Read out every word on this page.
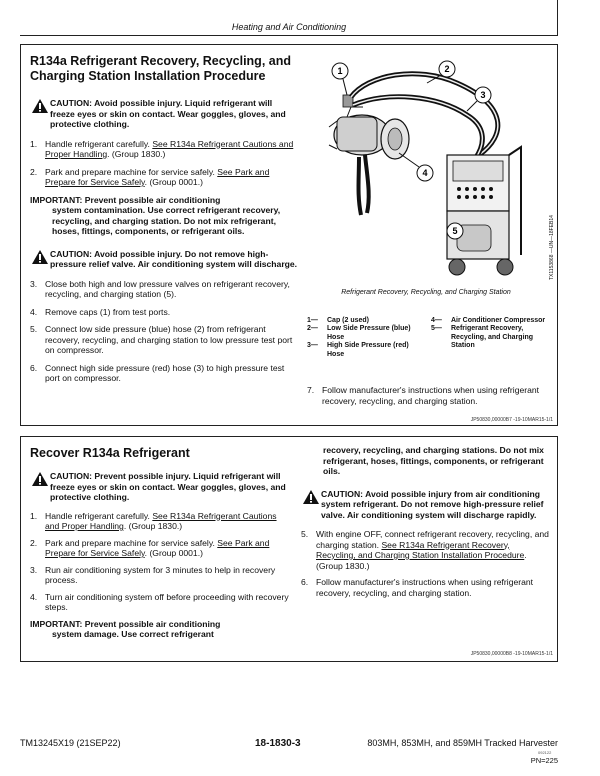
Heating and Air Conditioning
R134a Refrigerant Recovery, Recycling, and Charging Station Installation Procedure
CAUTION: Avoid possible injury. Liquid refrigerant will freeze eyes or skin on contact. Wear goggles, gloves, and protective clothing.
1. Handle refrigerant carefully. See R134a Refrigerant Cautions and Proper Handling. (Group 1830.)
2. Park and prepare machine for service safely. See Park and Prepare for Service Safely. (Group 0001.)
IMPORTANT: Prevent possible air conditioning
system contamination. Use correct refrigerant recovery, recycling, and charging station. Do not mix refrigerant, hoses, fittings, components, or refrigerant oils.
CAUTION: Avoid possible injury. Do not remove high-pressure relief valve. Air conditioning system will discharge.
3. Close both high and low pressure valves on refrigerant recovery, recycling, and charging station (5).
4. Remove caps (1) from test ports.
5. Connect low side pressure (blue) hose (2) from refrigerant recovery, recycling, and charging station to low pressure test port on compressor.
6. Connect high side pressure (red) hose (3) to high pressure test port on compressor.
1	2
3
4
5	TX1153868 —UN—18FEB14
Refrigerant Recovery, Recycling, and Charging Station
1— Cap (2 used)
2— Low Side Pressure (blue) Hose
3— High Side Pressure (red) Hose
4— Air Conditioner Compressor
5— Refrigerant Recovery, Recycling, and Charging Station
7. Follow manufacturer's instructions when using refrigerant recovery, recycling, and charging station.
JP50830,00000B7 -19-10MAR15-1/1
Recover R134a Refrigerant
CAUTION: Prevent possible injury. Liquid refrigerant will freeze eyes or skin on contact. Wear goggles, gloves, and protective clothing.
1. Handle refrigerant carefully. See R134a Refrigerant Cautions and Proper Handling. (Group 1830.)
2. Park and prepare machine for service safely. See Park and Prepare for Service Safely. (Group 0001.)
3. Run air conditioning system for 3 minutes to help in recovery process.
4. Turn air conditioning system off before proceeding with recovery steps.
IMPORTANT: Prevent possible air conditioning
system damage. Use correct refrigerant
recovery, recycling, and charging stations. Do not mix refrigerant, hoses, fittings, components, or refrigerant oils.
CAUTION: Avoid possible injury from air conditioning system refrigerant. Do not remove high-pressure relief valve. Air conditioning system will discharge rapidly.
5. With engine OFF, connect refrigerant recovery, recycling, and charging station. See R134a Refrigerant Recovery, Recycling, and Charging Station Installation Procedure. (Group 1830.)
6. Follow manufacturer's instructions when using refrigerant recovery, recycling, and charging station.
JP50830,00000B8 -19-10MAR15-1/1
TM13245X19 (21SEP22)	18-1830-3	803MH, 853MH, and 859MH Tracked Harvester
092122
PN=225
